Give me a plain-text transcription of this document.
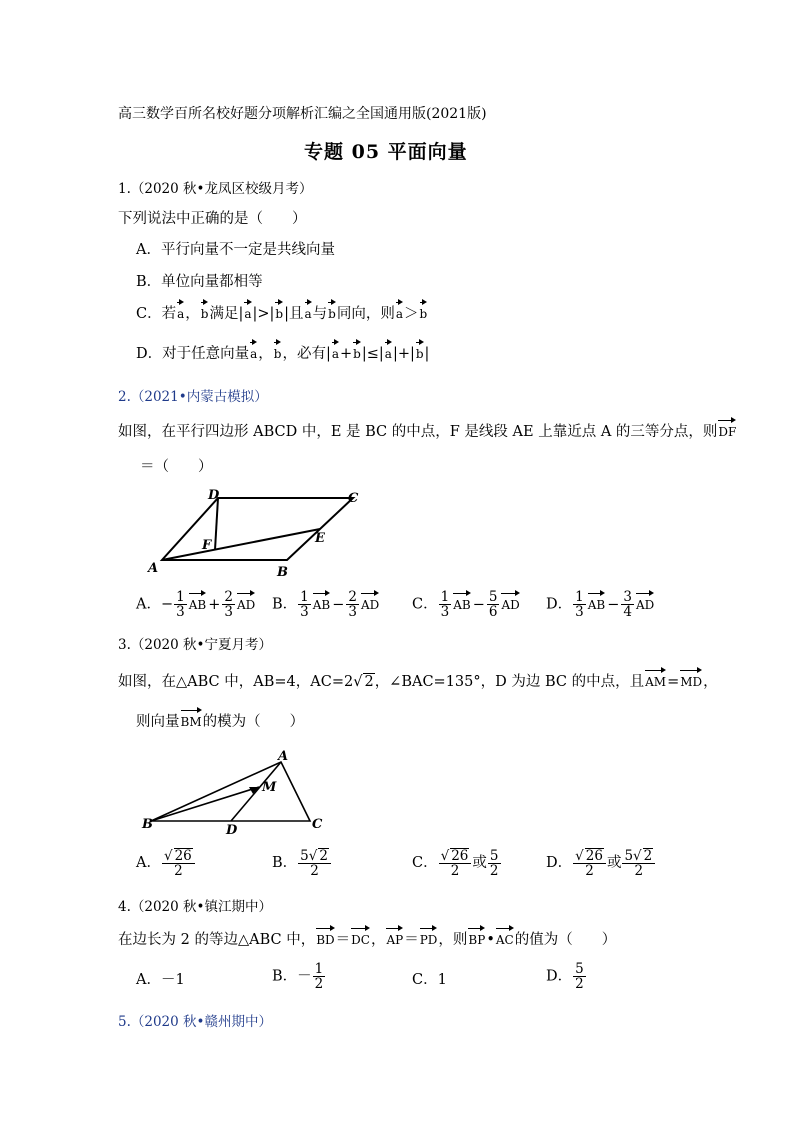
高三数学百所名校好题分项解析汇编之全国通用版(2021版)
专题 05 平面向量
1.（2020 秋•龙凤区校级月考）
下列说法中正确的是（　　）
A．平行向量不一定是共线向量
B．单位向量都相等
C．若a，b满足|a|>|b|且a与b同向，则a＞b
D．对于任意向量a，b，必有|a+b|≤|a|+|b|
2.（2021•内蒙古模拟）
如图，在平行四边形 ABCD 中，E 是 BC 的中点，F 是线段 AE 上靠近点 A 的三等分点，则DF
＝（　　）
A	B
C
D
E
F
A．− $\frac{1}{3}$ AB + $\frac{2}{3}$ AD B． $\frac{1}{3}$ AB − $\frac{2}{3}$ AD C． $\frac{1}{3}$ AB − $\frac{5}{6}$ AD D． $\frac{1}{3}$ AB − $\frac{3}{4}$ AD
3.（2020 秋•宁夏月考）
如图，在△ABC 中，AB=4，AC=2√ 2，∠BAC=135°，D 为边 BC 的中点，且AM=MD，
则向量BM的模为（　　）
A
B	C
D
M
A． $\frac{√ 26}{2}$	B． $\frac{5√ 2}{2}$	C． $\frac{√ 26}{2}$ 或 $\frac{5}{2}$	D． $\frac{√ 26}{2}$ 或 $\frac{5√ 2}{2}$
4.（2020 秋•镇江期中）
在边长为 2 的等边△ABC 中，BD＝DC，AP＝PD，则BP•AC的值为（　　）
A．－1	B．－ $\frac{1}{2}$	C．1	D． $\frac{5}{2}$
5.（2020 秋•赣州期中）
